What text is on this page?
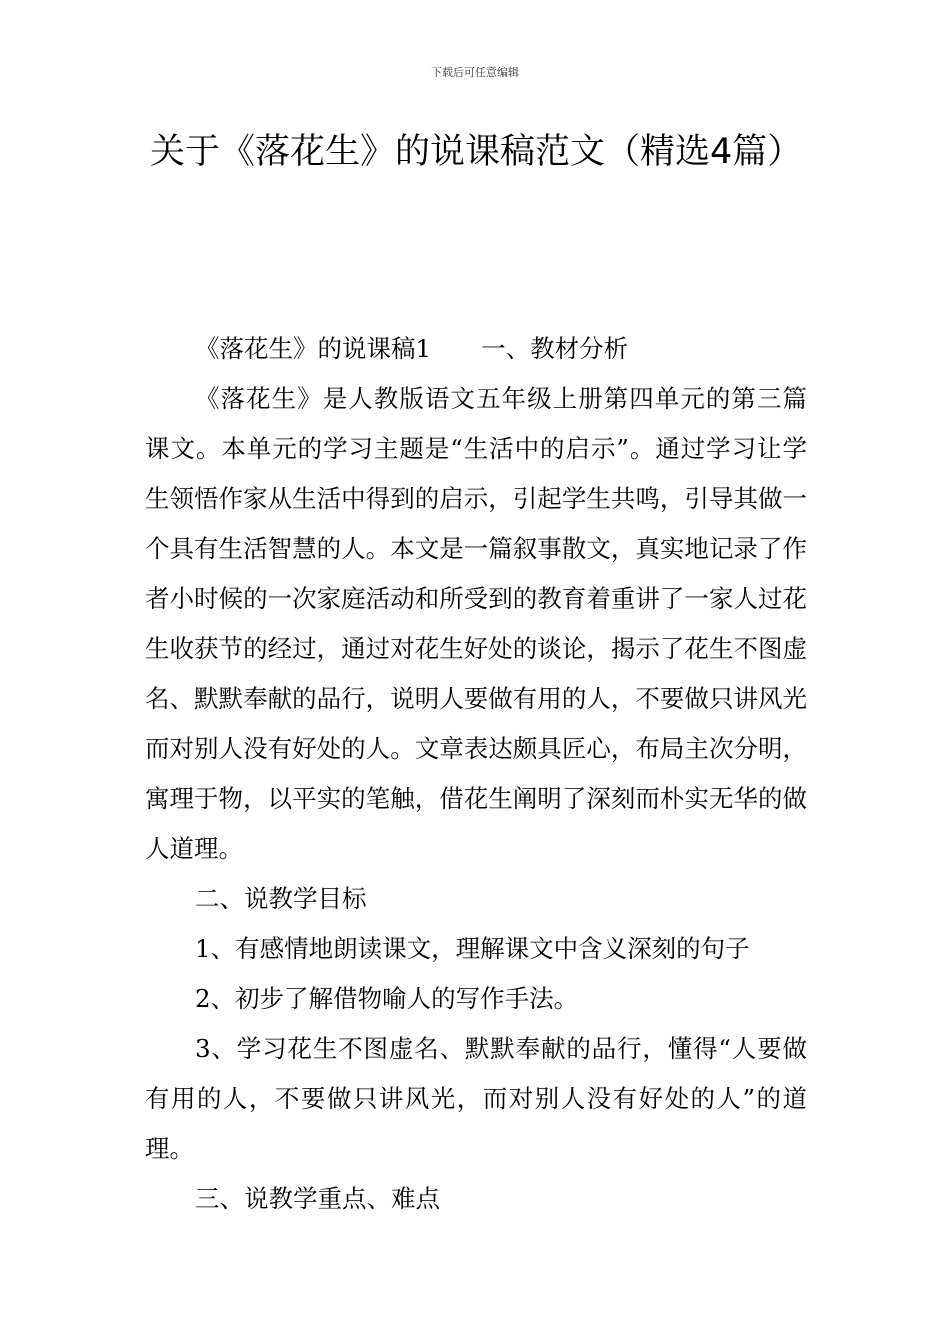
下载后可任意编辑
关于《落花生》的说课稿范文（精选4篇）

《落花生》的说课稿1 一、教材分析

《落花生》是人教版语文五年级上册第四单元的第三篇课文。本单元的学习主题是“生活中的启示”。通过学习让学生领悟作家从生活中得到的启示，引起学生共鸣，引导其做一个具有生活智慧的人。本文是一篇叙事散文，真实地记录了作者小时候的一次家庭活动和所受到的教育着重讲了一家人过花生收获节的经过，通过对花生好处的谈论，揭示了花生不图虚名、默默奉献的品行，说明人要做有用的人，不要做只讲风光而对别人没有好处的人。文章表达颇具匠心，布局主次分明，寓理于物，以平实的笔触，借花生阐明了深刻而朴实无华的做人道理。

二、说教学目标

1、有感情地朗读课文，理解课文中含义深刻的句子

2、初步了解借物喻人的写作手法。

3、学习花生不图虚名、默默奉献的品行，懂得“人要做有用的人，不要做只讲风光，而对别人没有好处的人”的道理。

三、说教学重点、难点
